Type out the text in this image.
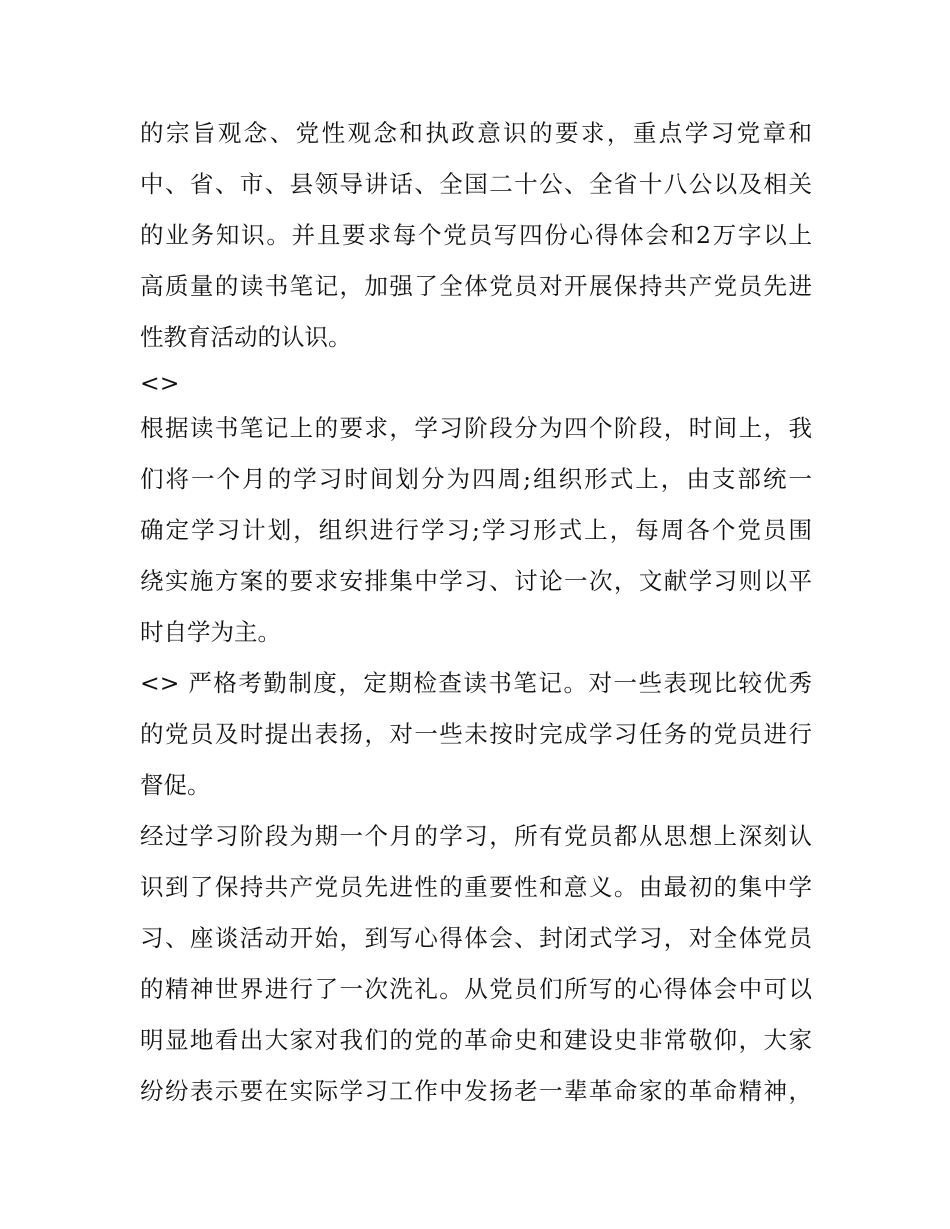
的宗旨观念、党性观念和执政意识的要求，重点学习党章和
中、省、市、县领导讲话、全国二十公、全省十八公以及相关
的业务知识。并且要求每个党员写四份心得体会和2万字以上
高质量的读书笔记，加强了全体党员对开展保持共产党员先进
性教育活动的认识。
<>
根据读书笔记上的要求，学习阶段分为四个阶段，时间上，我
们将一个月的学习时间划分为四周;组织形式上，由支部统一
确定学习计划，组织进行学习;学习形式上，每周各个党员围
绕实施方案的要求安排集中学习、讨论一次，文献学习则以平
时自学为主。
<> 严格考勤制度，定期检查读书笔记。对一些表现比较优秀
的党员及时提出表扬，对一些未按时完成学习任务的党员进行
督促。
经过学习阶段为期一个月的学习，所有党员都从思想上深刻认
识到了保持共产党员先进性的重要性和意义。由最初的集中学
习、座谈活动开始，到写心得体会、封闭式学习，对全体党员
的精神世界进行了一次洗礼。从党员们所写的心得体会中可以
明显地看出大家对我们的党的革命史和建设史非常敬仰，大家
纷纷表示要在实际学习工作中发扬老一辈革命家的革命精神，
